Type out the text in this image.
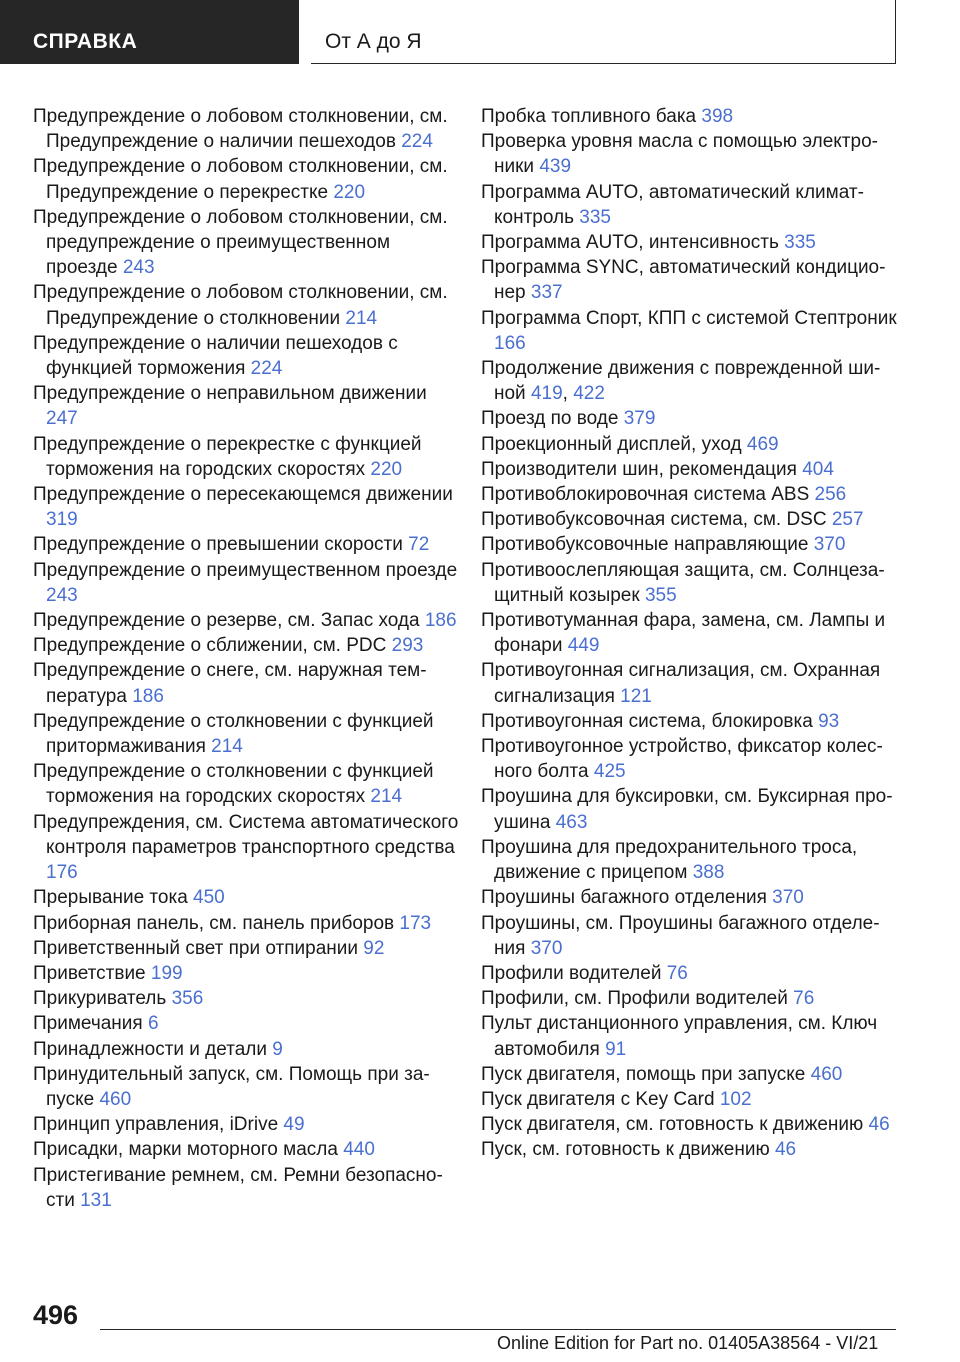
СПРАВКА	От А до Я
Предупреждение о лобовом столкновении, см. Предупреждение о наличии пешеходов 224
Предупреждение о лобовом столкновении, см. Предупреждение о перекрестке 220
Предупреждение о лобовом столкновении, см. предупреждение о преимущественном проезде 243
Предупреждение о лобовом столкновении, см. Предупреждение о столкновении 214
Предупреждение о наличии пешеходов с функцией торможения 224
Предупреждение о неправильном движении 247
Предупреждение о перекрестке с функцией торможения на городских скоростях 220
Предупреждение о пересекающемся движении 319
Предупреждение о превышении скорости 72
Предупреждение о преимущественном проезде 243
Предупреждение о резерве, см. Запас хода 186
Предупреждение о сближении, см. PDC 293
Предупреждение о снеге, см. наружная температура 186
Предупреждение о столкновении с функцией притормаживания 214
Предупреждение о столкновении с функцией торможения на городских скоростях 214
Предупреждения, см. Система автоматического контроля параметров транспортного средства 176
Прерывание тока 450
Приборная панель, см. панель приборов 173
Приветственный свет при отпирании 92
Приветствие 199
Прикуриватель 356
Примечания 6
Принадлежности и детали 9
Принудительный запуск, см. Помощь при запуске 460
Принцип управления, iDrive 49
Присадки, марки моторного масла 440
Пристегивание ремнем, см. Ремни безопасности 131
Пробка топливного бака 398
Проверка уровня масла с помощью электроники 439
Программа AUTO, автоматический климат-контроль 335
Программа AUTO, интенсивность 335
Программа SYNC, автоматический кондиционер 337
Программа Спорт, КПП с системой Стептроник 166
Продолжение движения с поврежденной шиной 419, 422
Проезд по воде 379
Проекционный дисплей, уход 469
Производители шин, рекомендация 404
Противоблокировочная система ABS 256
Противобуксовочная система, см. DSC 257
Противобуксовочные направляющие 370
Противоослепляющая защита, см. Солнцезащитный козырек 355
Противотуманная фара, замена, см. Лампы и фонари 449
Противоугонная сигнализация, см. Охранная сигнализация 121
Противоугонная система, блокировка 93
Противоугонное устройство, фиксатор колесного болта 425
Проушина для буксировки, см. Буксирная проушина 463
Проушина для предохранительного троса, движение с прицепом 388
Проушины багажного отделения 370
Проушины, см. Проушины багажного отделения 370
Профили водителей 76
Профили, см. Профили водителей 76
Пульт дистанционного управления, см. Ключ автомобиля 91
Пуск двигателя, помощь при запуске 460
Пуск двигателя с Key Card 102
Пуск двигателя, см. готовность к движению 46
Пуск, см. готовность к движению 46
496
Online Edition for Part no. 01405A38564 - VI/21
